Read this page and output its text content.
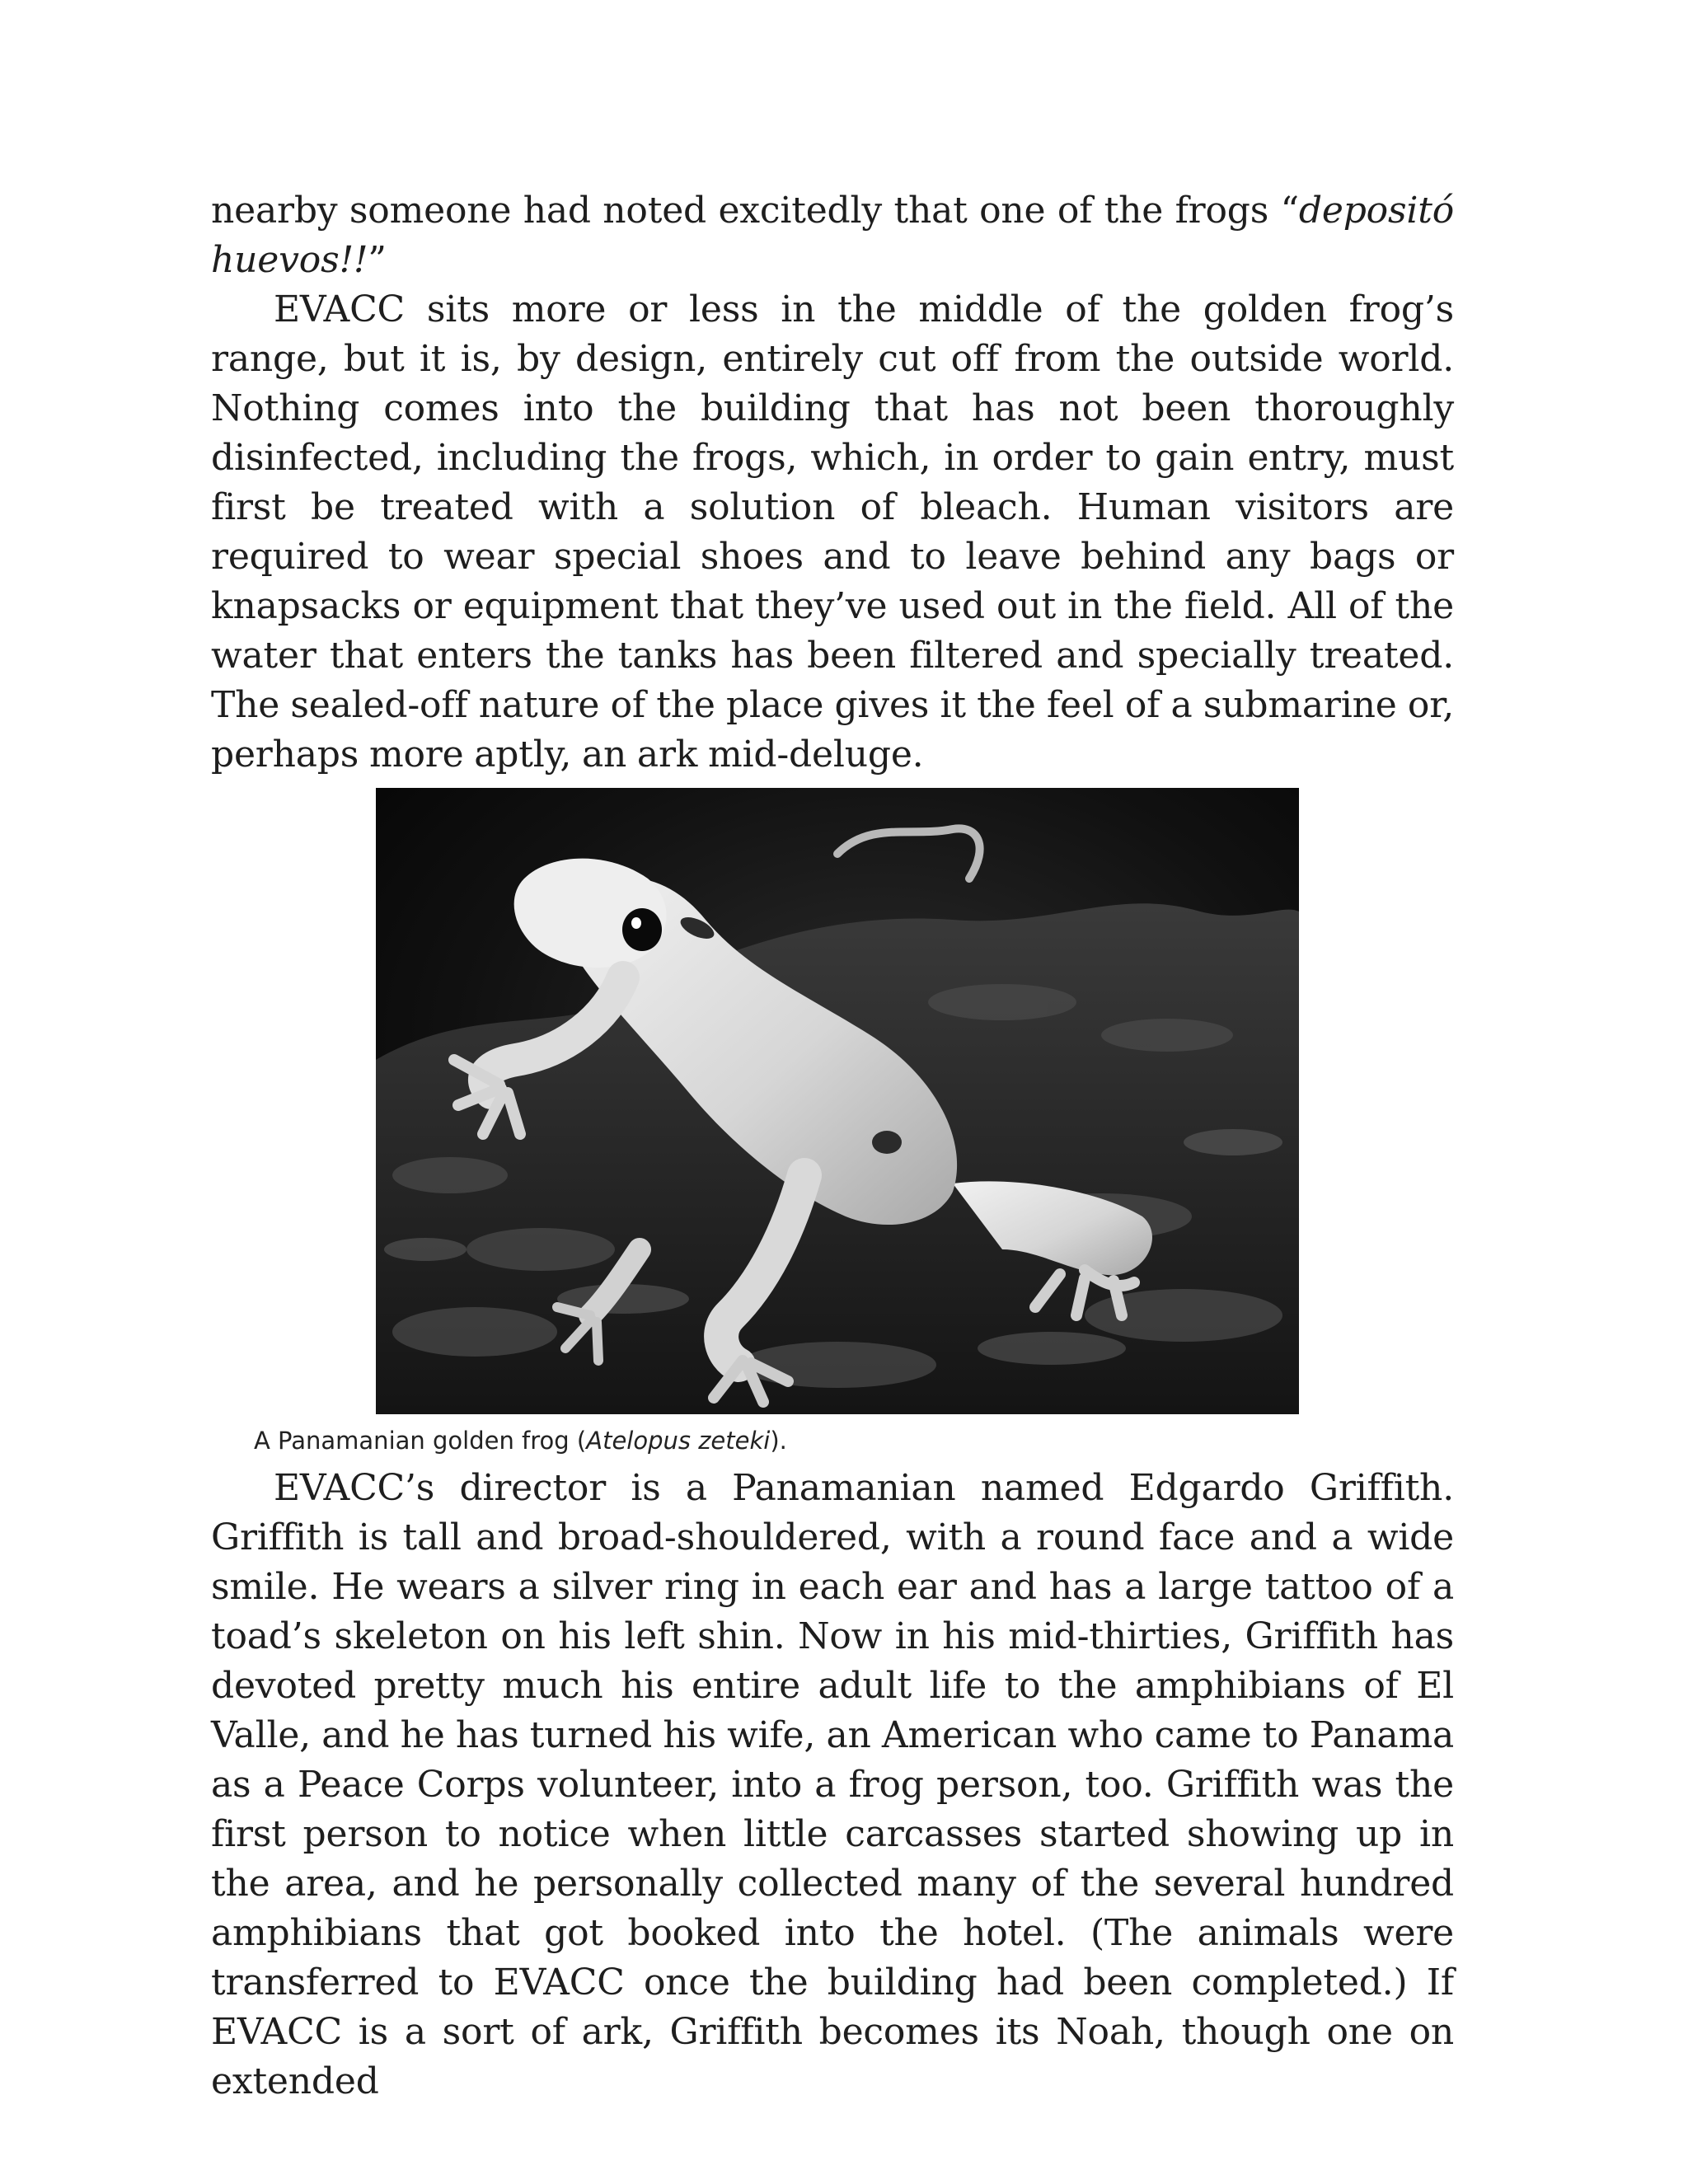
nearby someone had noted excitedly that one of the frogs “depositó huevos!!”

EVACC sits more or less in the middle of the golden frog’s range, but it is, by design, entirely cut off from the outside world. Nothing comes into the building that has not been thoroughly disinfected, including the frogs, which, in order to gain entry, must first be treated with a solution of bleach. Human visitors are required to wear special shoes and to leave behind any bags or knapsacks or equipment that they’ve used out in the field. All of the water that enters the tanks has been filtered and specially treated. The sealed-off nature of the place gives it the feel of a submarine or, perhaps more aptly, an ark mid-deluge.

A Panamanian golden frog (Atelopus zeteki).

EVACC’s director is a Panamanian named Edgardo Griffith. Griffith is tall and broad-shouldered, with a round face and a wide smile. He wears a silver ring in each ear and has a large tattoo of a toad’s skeleton on his left shin. Now in his mid-thirties, Griffith has devoted pretty much his entire adult life to the amphibians of El Valle, and he has turned his wife, an American who came to Panama as a Peace Corps volunteer, into a frog person, too. Griffith was the first person to notice when little carcasses started showing up in the area, and he personally collected many of the several hundred amphibians that got booked into the hotel. (The animals were transferred to EVACC once the building had been completed.) If EVACC is a sort of ark, Griffith becomes its Noah, though one on extended
